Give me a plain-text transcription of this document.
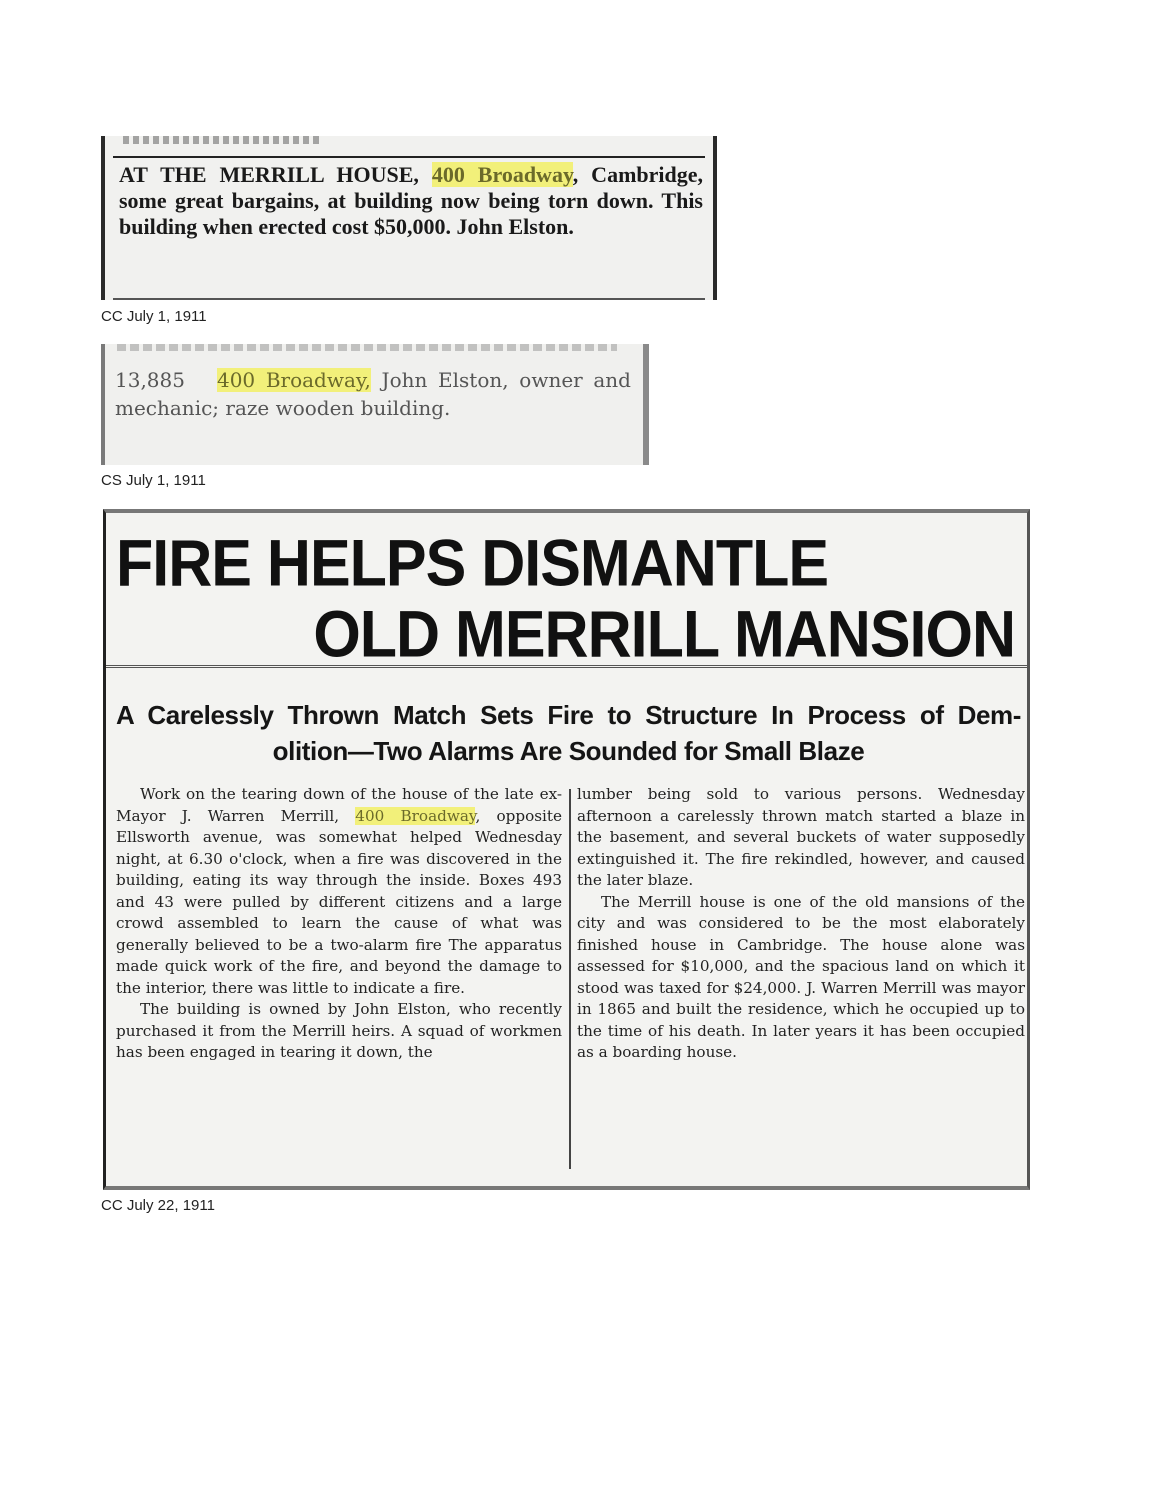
AT THE MERRILL HOUSE, 400 Broadway, Cambridge, some great bargains, at building now being torn down. This building when erected cost $50,000. John Elston.
CC July 1, 1911
13,885 400 Broadway, John Elston, owner and mechanic; raze wooden building.
CS July 1, 1911
FIRE HELPS DISMANTLE
OLD MERRILL MANSION
A Carelessly Thrown Match Sets Fire to Structure In Process of Dem-
olition—Two Alarms Are Sounded for Small Blaze

Work on the tearing down of the house of the late ex-Mayor J. Warren Merrill, 400 Broadway, opposite Ellsworth avenue, was somewhat helped Wednesday night, at 6.30 o'clock, when a fire was discovered in the building, eating its way through the inside. Boxes 493 and 43 were pulled by different citizens and a large crowd assembled to learn the cause of what was generally believed to be a two-alarm fire The apparatus made quick work of the fire, and beyond the damage to the interior, there was little to indicate a fire.

The building is owned by John Elston, who recently purchased it from the Merrill heirs. A squad of workmen has been engaged in tearing it down, the

lumber being sold to various persons. Wednesday afternoon a carelessly thrown match started a blaze in the basement, and several buckets of water supposedly extinguished it. The fire rekindled, however, and caused the later blaze.

The Merrill house is one of the old mansions of the city and was considered to be the most elaborately finished house in Cambridge. The house alone was assessed for $10,000, and the spacious land on which it stood was taxed for $24,000. J. Warren Merrill was mayor in 1865 and built the residence, which he occupied up to the time of his death. In later years it has been occupied as a boarding house.

CC July 22, 1911
